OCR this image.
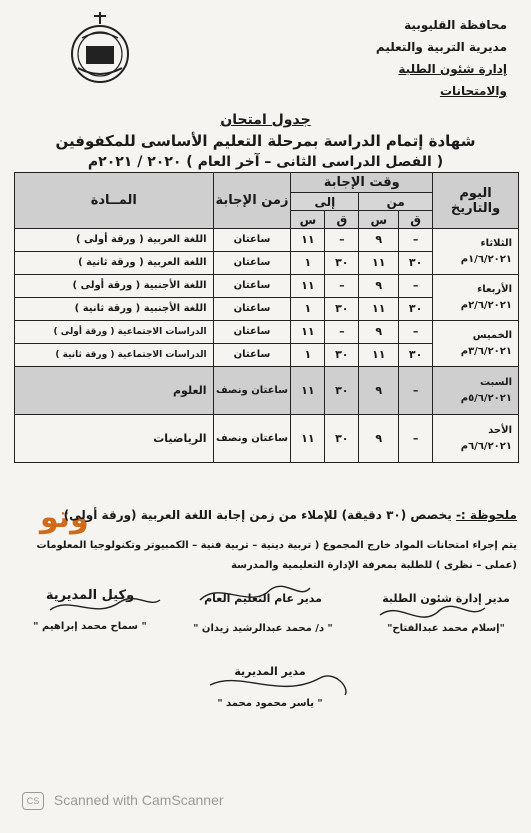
محافظة القليوبية
مديرية التربية والتعليم
إدارة شئون الطلبة والامتحانات
جدول امتحان
شهادة إتمام الدراسة بمرحلة التعليم الأساسى للمكفوفين
( الفصل الدراسى الثانى – آخر العام ) ٢٠٢٠ / ٢٠٢١م
اليوم والتاريخ	وقت الإجابة				زمن الإجابة	المــادة
	من		إلى			
	ق	س	ق	س		

الثلاثاء
١/٦/٢٠٢١م	–	٩	–	١١	ساعتان	اللغة العربية ( ورقة أولى )
	٣٠	١١	٣٠	١	ساعتان	اللغة العربية ( ورقة ثانية )

الأربعاء
٢/٦/٢٠٢١م	–	٩	–	١١	ساعتان	اللغة الأجنبية ( ورقة أولى )
	٣٠	١١	٣٠	١	ساعتان	اللغة الأجنبية ( ورقة ثانية )

الخميس
٣/٦/٢٠٢١م	–	٩	–	١١	ساعتان	الدراسات الاجتماعية ( ورقة أولى )
	٣٠	١١	٣٠	١	ساعتان	الدراسات الاجتماعية ( ورقة ثانية )

السبت
٥/٦/٢٠٢١م	–	٩	٣٠	١١	ساعتان ونصف	العلوم

الأحد
٦/٦/٢٠٢١م	–	٩	٣٠	١١	ساعتان ونصف	الرياضيات
وتو	ملحوظة :- يخصص (٣٠ دقيقة) للإملاء من زمن إجابة اللغة العربية (ورقة أولى)
يتم إجراء امتحانات المواد خارج المجموع ( تربية دينية – تربية فنية – الكمبيوتر وتكنولوجيا المعلومات
(عملى – نظرى ) للطلبة بمعرفة الإدارة التعليمية والمدرسة
مدير إدارة شئون الطلبة
"إسلام محمد عبدالفتاح"
مدير عام التعليم العام
" د/ محمد عبدالرشيد زيدان "
وكيل المديرية
" سماح محمد إبراهيم "
مدير المديرية
" ياسر محمود محمد "
CS Scanned with CamScanner
